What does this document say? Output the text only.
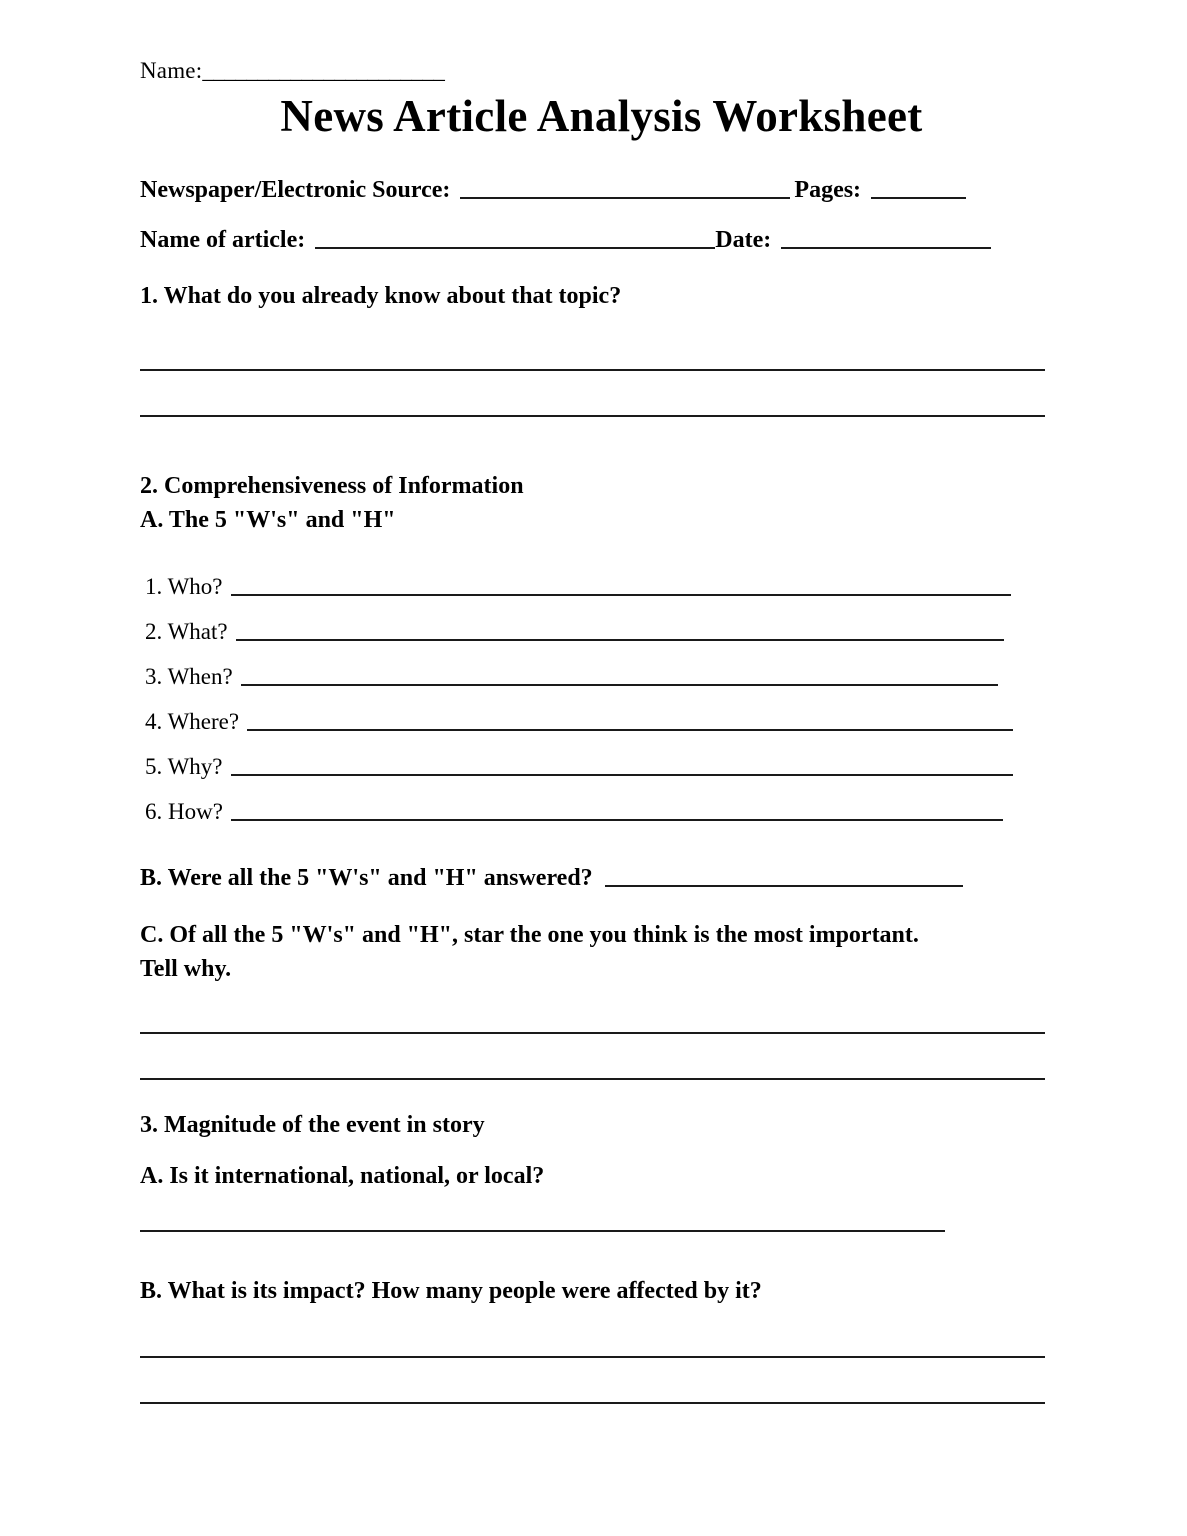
Name:______________________
News Article Analysis Worksheet
Newspaper/Electronic Source:	Pages:
Name of article:	Date:
1. What do you already know about that topic?
2. Comprehensiveness of Information
A. The 5 "W's" and "H"
1. Who?
2. What?
3. When?
4. Where?
5. Why?
6. How?
B. Were all the 5 "W's" and "H" answered?
C. Of all the 5 "W's" and "H", star the one you think is the most important.
Tell why.
3. Magnitude of the event in story
A. Is it international, national, or local?
B. What is its impact? How many people were affected by it?
